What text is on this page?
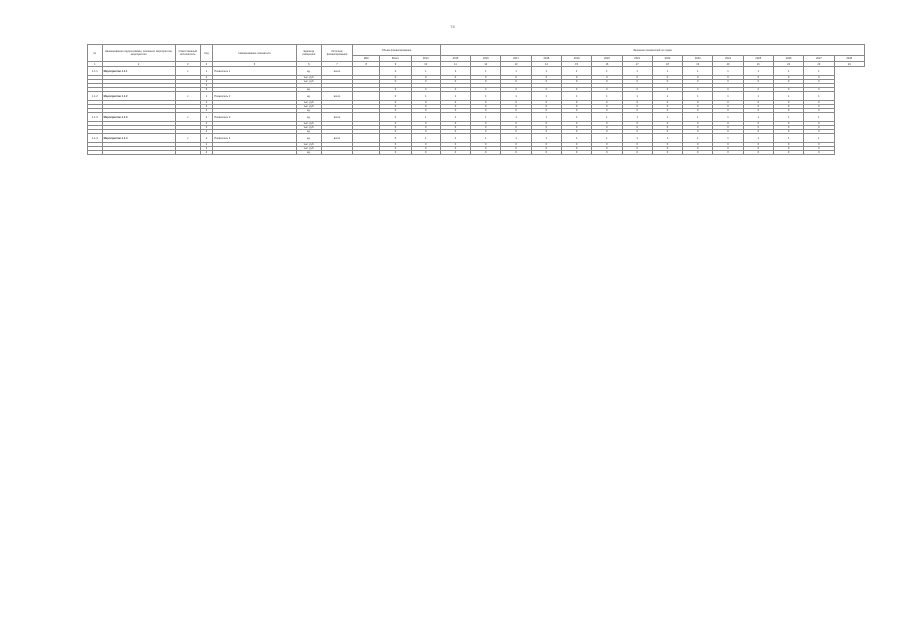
74
№	Наименование подпрограммы, основного мероприятия, мероприятия	Ответственный исполнитель	Код	Наименование показателя	Единица измерения	Источник финансирования	Объем финансирования			Значения показателей по годам													
							КБК	Всего	2014	2015	2016	2017	2018	2019	2020	2021	2022	2023	2024	2025	2026	2027	2028
1	2	3	4	5	6	7	8	9	10	11	12	13	14	15	16	17	18	19	20	21	22	23	24
1.1.1	Мероприятие 1.1.1	х	1	Показатель 1	ед.	всего		0	1	1	1	1	1	1	1	1	1	1	1	1	1	1	
			2		тыс. руб.			0	0	0	0	0	0	0	0	0	0	0	0	0	0	0	
			3		тыс. руб.			0	0	0	0	0	0	0	0	0	0	0	0	0	0	0	
			4																				
			5		ед.			0	0	0	0	0	0	0	0	0	0	0	0	0	0	0	
1.1.2	Мероприятие 1.1.2	х	1	Показатель 2	ед.	всего		0	1	1	1	1	1	1	1	1	1	1	1	1	1	1	
			2		тыс. руб.			0	0	0	0	0	0	0	0	0	0	0	0	0	0	0	
			3		тыс. руб.			0	0	0	0	0	0	0	0	0	0	0	0	0	0	0	
			4		ед.			0	0	0	0	0	0	0	0	0	0	0	0	0	0	0	
1.1.3	Мероприятие 1.1.3	х	1	Показатель 3	ед.	всего		0	1	1	1	1	1	1	1	1	1	1	1	1	1	1	
			2		тыс. руб.			0	0	0	0	0	0	0	0	0	0	0	0	0	0	0	
			3		тыс. руб.			0	0	0	0	0	0	0	0	0	0	0	0	0	0	0	
			4		ед.			0	0	0	0	0	0	0	0	0	0	0	0	0	0	0	
1.1.4	Мероприятие 1.1.4	х	1	Показатель 4	ед.	всего		0	1	1	1	1	1	1	1	1	1	1	1	1	1	1	
			2		тыс. руб.			0	0	0	0	0	0	0	0	0	0	0	0	0	0	0	
			3		тыс. руб.			0	0	0	0	0	0	0	0	0	0	0	0	0	0	0	
			4		ед.			0	0	0	0	0	0	0	0	0	0	0	0	0	0	0	
